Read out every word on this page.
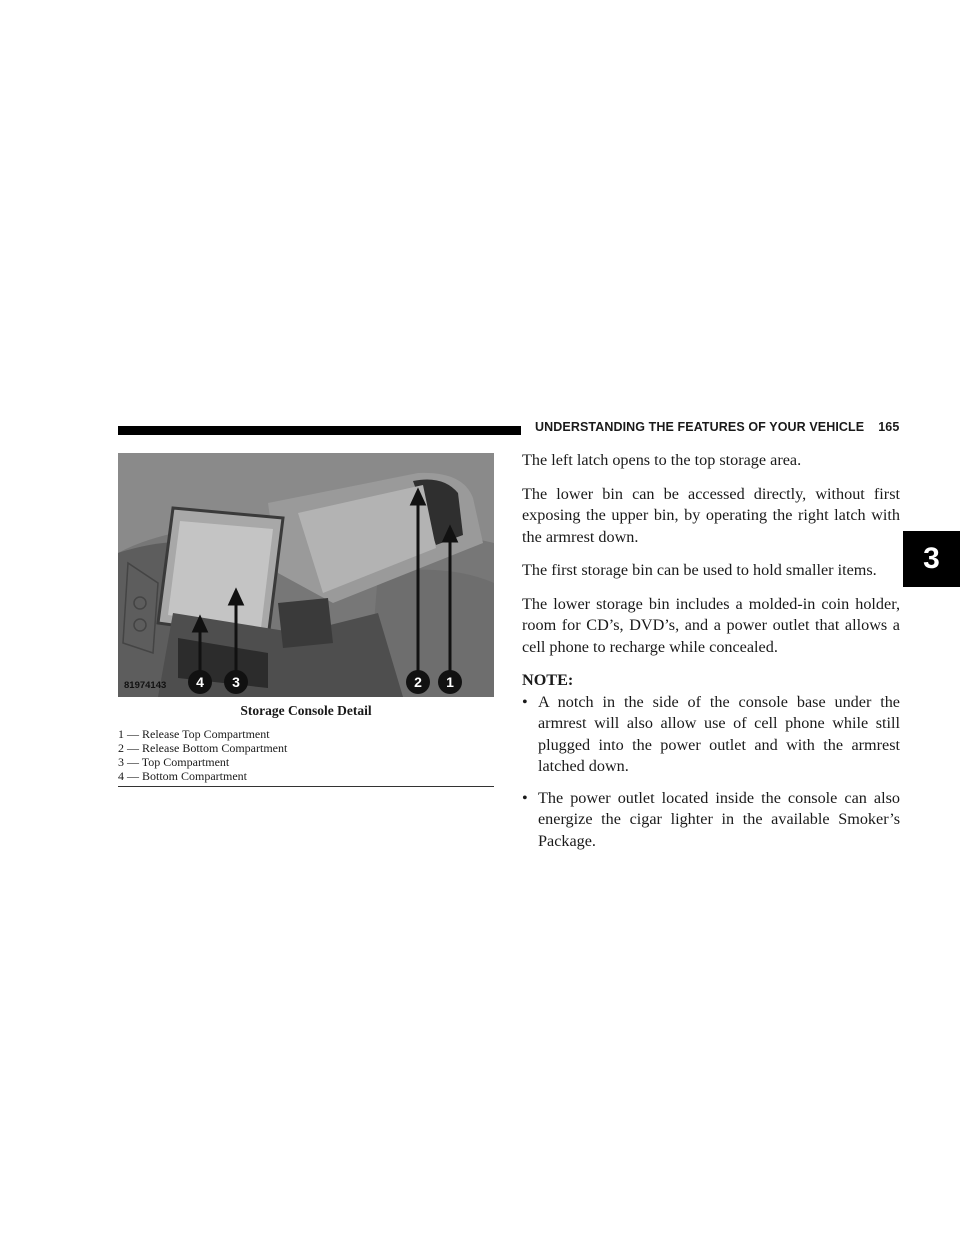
UNDERSTANDING THE FEATURES OF YOUR VEHICLE 165
3
4	3	2	1
81974143
Storage Console Detail
1 — Release Top Compartment
2 — Release Bottom Compartment
3 — Top Compartment
4 — Bottom Compartment

The left latch opens to the top storage area.

The lower bin can be accessed directly, without first exposing the upper bin, by operating the right latch with the armrest down.

The first storage bin can be used to hold smaller items.

The lower storage bin includes a molded-in coin holder, room for CD’s, DVD’s, and a power outlet that allows a cell phone to recharge while concealed.

NOTE:
• A notch in the side of the console base under the armrest will also allow use of cell phone while still plugged into the power outlet and with the armrest latched down.
• The power outlet located inside the console can also energize the cigar lighter in the available Smoker’s Package.
